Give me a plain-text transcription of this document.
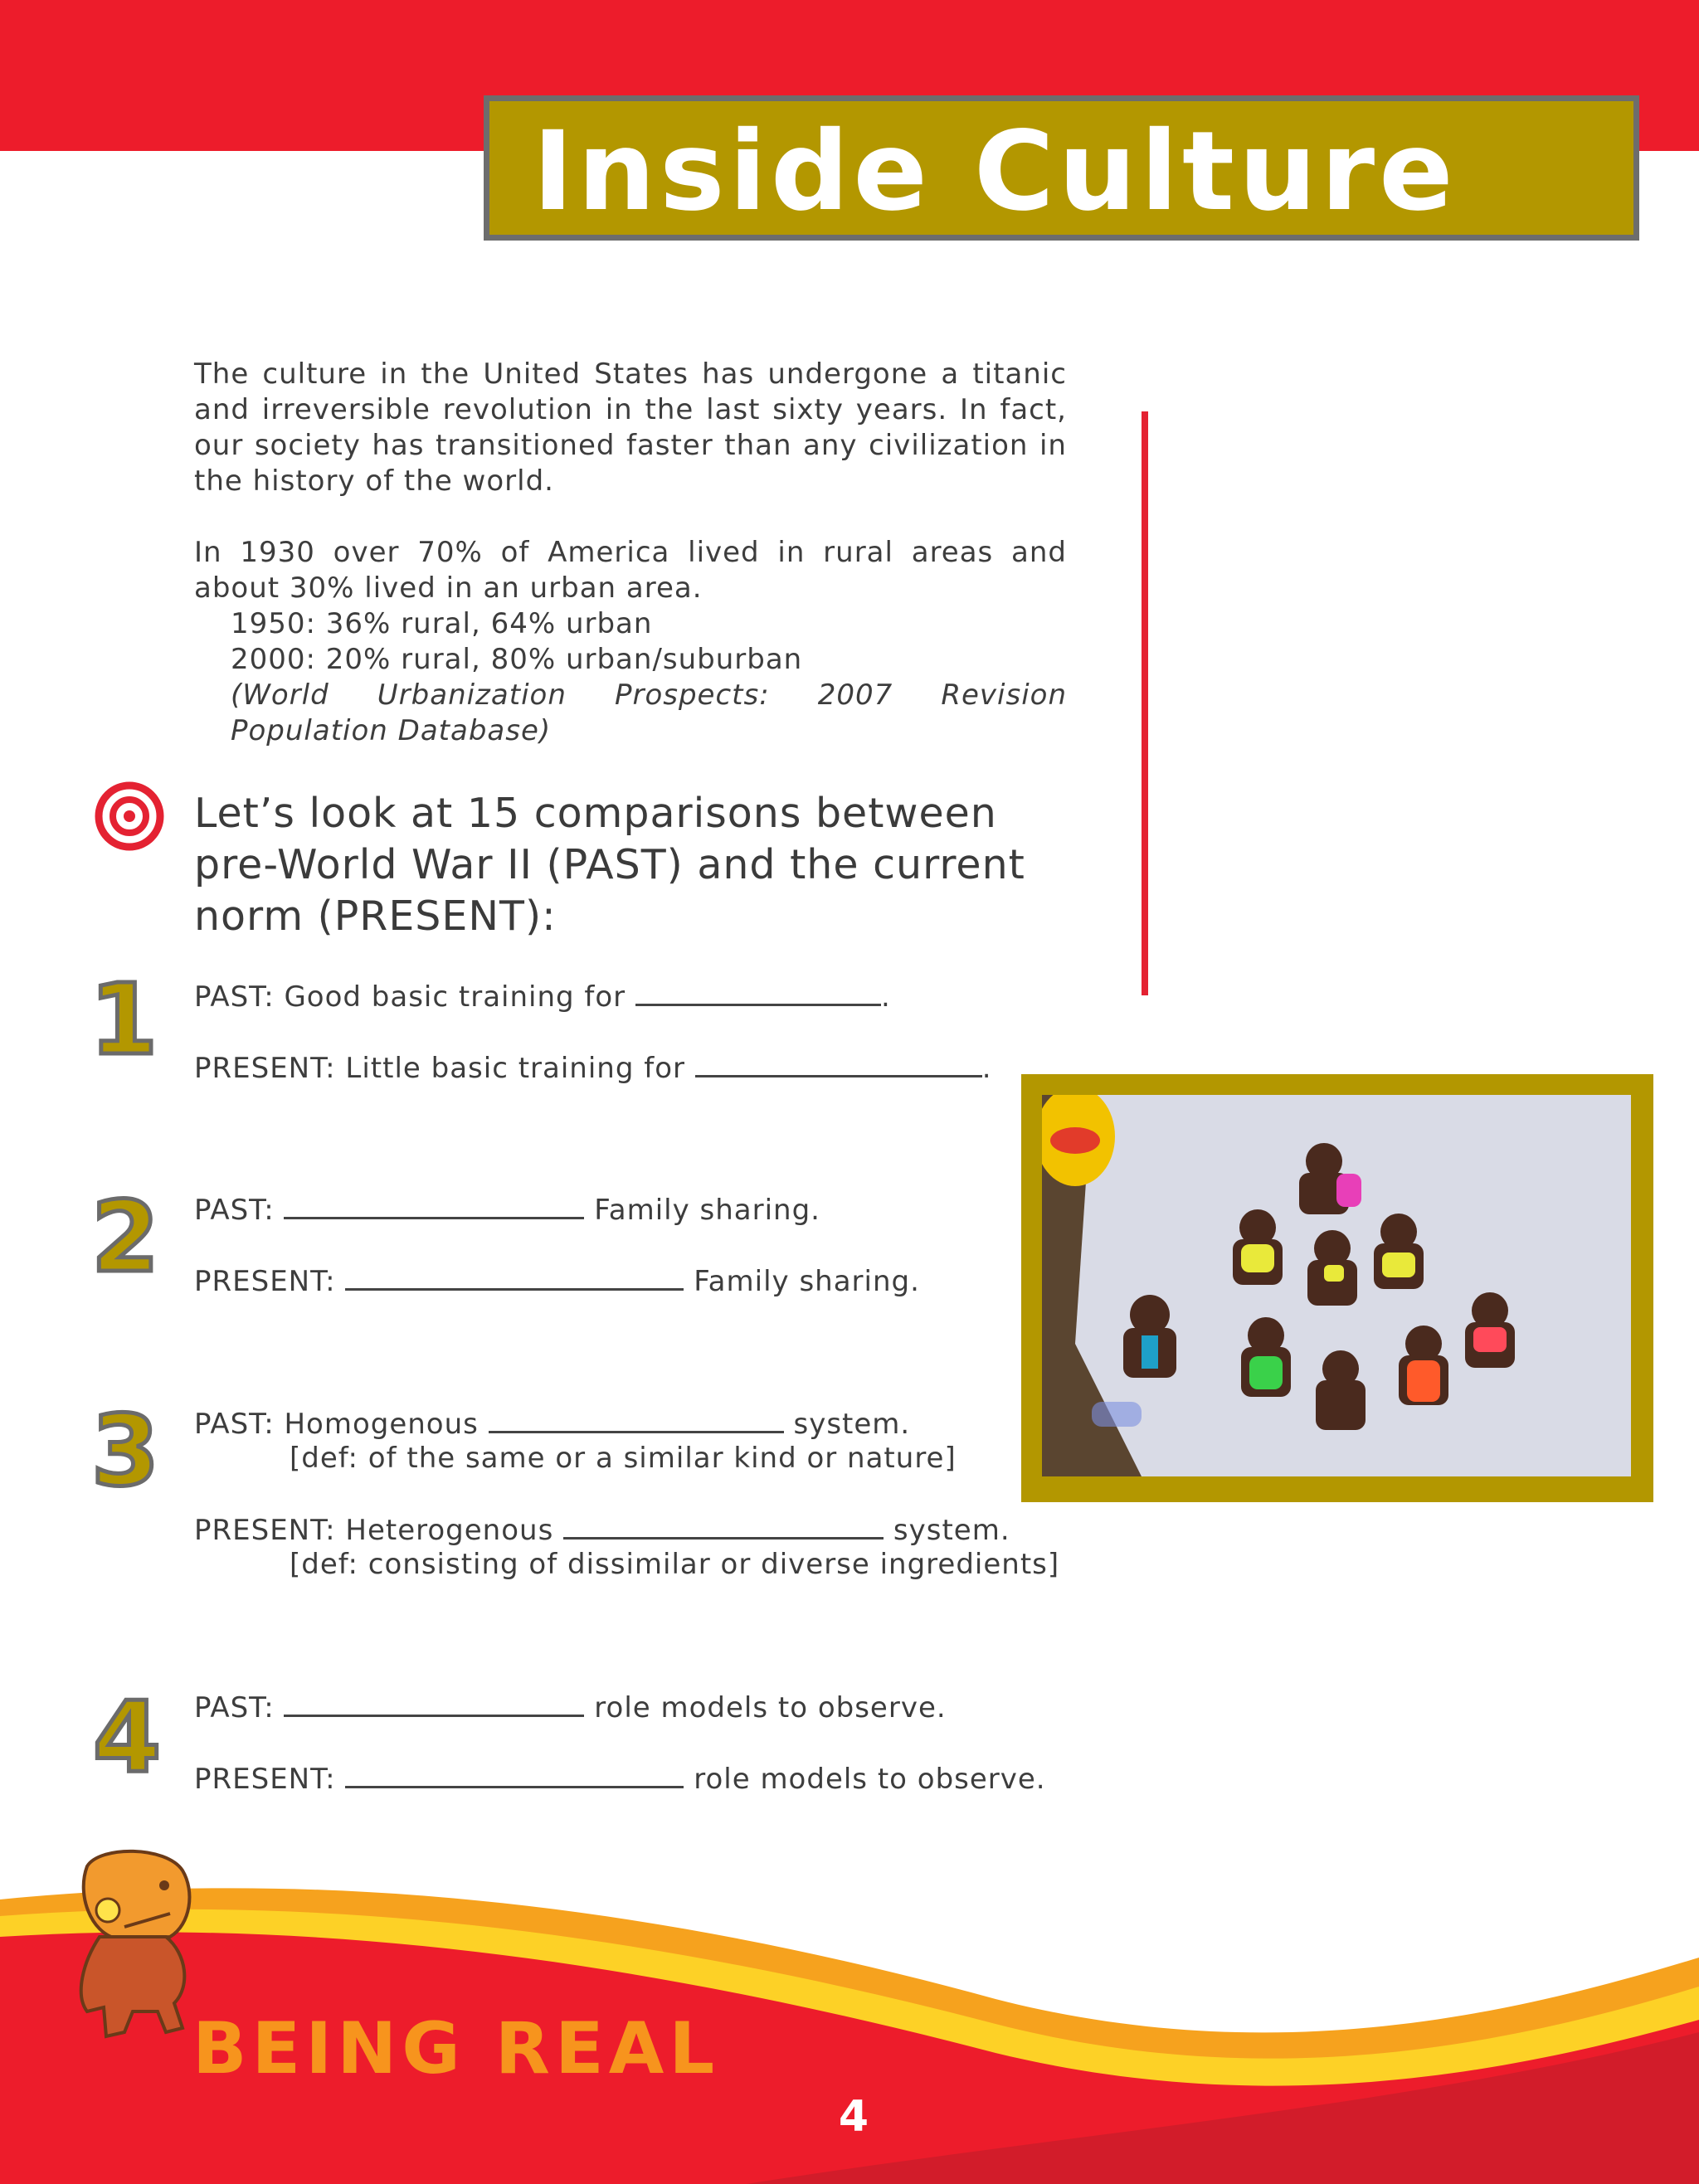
Inside Culture

The culture in the United States has undergone a titanic and irreversible revolution in the last sixty years. In fact, our society has transitioned faster than any civilization in the history of the world.

In 1930 over 70% of America lived in rural areas and about 30% lived in an urban area.

1950: 36% rural, 64% urban

2000: 20% rural, 80% urban/suburban

(World Urbanization Prospects: 2007 Revision Population Database)

Let’s look at 15 comparisons between pre-World War II (PAST) and the current norm (PRESENT):
1 PAST: Good basic training for	.
PRESENT: Little basic training for	.
2 PAST:	Family sharing.
PRESENT:	Family sharing.
3 PAST: Homogenous	system.
[def: of the same or a similar kind or nature]
PRESENT: Heterogenous	system.
[def: consisting of dissimilar or diverse ingredients]
4 PAST:	role models to observe.
PRESENT:	role models to observe.
BEING REAL
4
